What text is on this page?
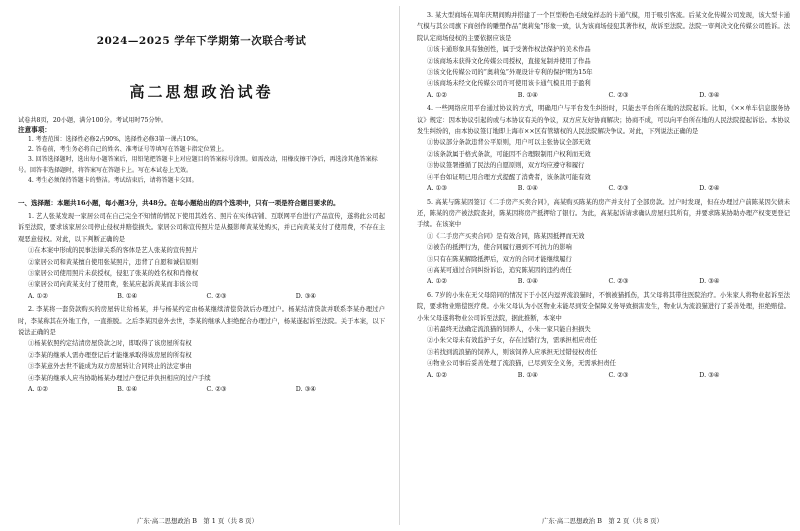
2024—2025 学年下学期第一次联合考试
高二思想政治试卷
试卷共8页，20小题，满分100分。考试用时75分钟。
注意事项：
1. 考查范围：选择性必修2占90%，选择性必修3第一课占10%。
2. 答卷前，考生务必将自己的姓名、准考证号等填写在答题卡指定位置上。
3. 回答选择题时，选出每小题答案后，用铅笔把答题卡上对应题目的答案标号涂黑。如需改动，用橡皮擦干净后，再选涂其他答案标号。回答非选择题时，将答案写在答题卡上。写在本试卷上无效。
4. 考生必须保持答题卡的整洁。考试结束后，请将答题卡交回。
一、选择题：本题共16小题，每小题3分，共48分。在每小题给出的四个选项中，只有一项是符合题目要求的。
1. 艺人张某发现一家居公司在自己完全不知情的情况下使用其姓名、照片在实体店铺、互联网平台进行产品宣传，遂将此公司起诉至法院，要求该家居公司停止侵权并赔偿损失。家居公司称宣传照片是从摄影师黄某处购买，并已向黄某支付了使用费，不存在主观恶意侵权。对此，以下判断正确的是
①在本案中形成的民事法律关系的客体是艺人张某的宣传照片
②家居公司和黄某擅自使用张某照片，违背了自愿和诚信原则
③家居公司使用照片未获授权，侵犯了张某的姓名权和肖像权
④家居公司向黄某支付了使用费，张某应起诉黄某而非该公司
A. ①②	B. ①④	C. ②③	D. ③④
2. 李某将一套贷款购买的房屋转让给杨某，并与杨某约定由杨某继续清偿贷款后办理过户。杨某结清贷款并联系李某办理过户时，李某称其在外地工作，一直推脱。之后李某因意外去世，李某的继承人拒绝配合办理过户，杨某遂起诉至法院。关于本案，以下说法正确的是
①杨某依照约定结清房屋贷款之时，即取得了该房屋所有权
②李某的继承人需办理登记后才能继承取得该房屋的所有权
③李某意外去世不能成为双方房屋转让合同终止的法定事由
④李某的继承人应当协助杨某办理过户登记并负担相应的过户手续
A. ①②	B. ①④	C. ②③	D. ③④
广东·高二思想政治 B　第 1 页（共 8 页）
3. 某大型商场在周年庆期间购并搭建了一个巨型粉色毛绒兔样态的卡通气模，用于吸引客流。后某文化传媒公司发现，该大型卡通气模与其公司旗下商创作的雕塑作品“奥莉兔”形象一致，认为该商场侵犯其著作权，故诉至法院。法院一审判决文化传媒公司胜诉。法院认定商场侵权的主要依据应该是
①该卡通形象具有独创性，属于受著作权法保护的美术作品
②该商场未获得文化传媒公司授权，直接复制并使用了作品
③该文化传媒公司的“奥莉兔”外观设计专利的保护期为15年
④该商场未经文化传媒公司许可使用该卡通气模且用于盈利
A. ①②	B. ①④	C. ②③	D. ③④
4. 一些网络应用平台通过协议的方式，明确用户与平台发生纠纷时，只能去平台所在地的法院起诉。比如，《××单车信息服务协议》规定：因本协议引起的或与本协议有关的争议，双方应友好协商解决；协商不成，可以向平台所在地的人民法院提起诉讼。本协议发生纠纷的，由本协议签订地即上海市××区有管辖权的人民法院解决争议。对此，下列说法正确的是
①协议部分条款违背公平原则，用户可以主张协议全部无效
②该条款属于格式条款，可能因不合理限制用户权利而无效
③协议签署遵循了民法的自愿原则，双方均应遵守和履行
④平台如证明已用合理方式提醒了消费者，该条款可能有效
A. ①③	B. ①④	C. ②③	D. ②④
5. 高某与陈某因签订《二手房产买卖合同》，高某购买陈某的房产并支付了全部房款。过户时发现，但在办理过户前陈某因欠债未还，陈某的房产被法院查封，陈某因将房产抵押给了银行。为此，高某起诉请求确认房屋归其所有，并要求陈某协助办理产权变更登记手续。在该案中
①《二手房产买卖合同》是有效合同，陈某因抵押而无效
②被告的抵押行为，使合同履行遇到不可抗力的影响
③只有在陈某解除抵押后，双方的合同才能继续履行
④高某可通过合同纠纷诉讼，追究陈某因的违约责任
A. ①②	B. ①④	C. ②③	D. ③④
6. 7岁的小朱在无父母陪同的情况下于小区内逗弄流浪猫时，不慎被猫抓伤，其父母将其带往医院治疗。小朱家人将物业起诉至法院，要求物业赔偿医疗费。小朱父母认为小区物业未能尽到安全保障义务导致损害发生，物业认为流浪猫进行了妥善处理，拒绝赔偿。小朱父母遂将物业公司诉至法院，据此推断，本案中
①若最终无法确定流浪猫的饲养人，小朱一家只能自担损失
②小朱父母未有效监护子女，存在过错行为，需承担相应责任
③若找到流浪猫的饲养人，则该饲养人应承担无过错侵权责任
④物业公司事后妥善处理了流浪猫，已尽到安全义务，无需承担责任
A. ①②	B. ①④	C. ②③	D. ③④
广东·高二思想政治 B　第 2 页（共 8 页）
